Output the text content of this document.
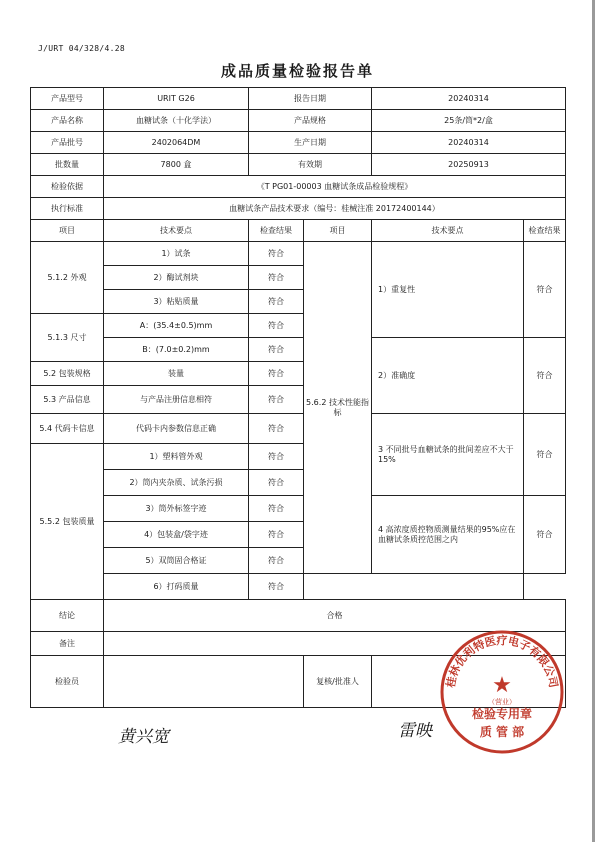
J/URT 04/328/4.28
成品质量检验报告单
产品型号	URIT G26	报告日期		20240314	
产品名称	血糖试条（十化学法）	产品规格		25条/筒*2/盒	
产品批号	2402064DM	生产日期		20240314	
批数量	7800 盒	有效期		20250913	
检验依据	《T PG01-00003 血糖试条成品检验规程》				
执行标准	血糖试条产品技术要求（编号：桂械注准 20172400144）				
项目	技术要点	检查结果	项目	技术要点	检查结果
5.1.2 外观	1）试条	符合	5.6.2 技术性能指标	1）重复性	符合
	2）酶试剂块	符合			
	3）粘贴质量	符合			
5.1.3 尺寸	A：(35.4±0.5)mm	符合			
	B：(7.0±0.2)mm	符合		2）准确度	符合
5.2 包装规格	装量	符合			
5.3 产品信息	与产品注册信息相符	符合			
5.4 代码卡信息	代码卡内参数信息正确	符合		3 不同批号血糖试条的批间差应不大于15%	符合
5.5.2 包装质量	1）塑料管外观	符合			
	2）筒内夹杂质、试条污损	符合			
	3）筒外标签字迹	符合		4 高浓度质控物质测量结果的95%应在血糖试条质控范围之内	符合
	4）包装盒/袋字迹	符合			
	5）双筒固合格证	符合			
	6）打码质量	符合			
结论	合格				
备注					
检验员			复核/批准人		
黄兴宽	雷映
桂林优利特医疗电子有限公司
★
（营业）
检验专用章
质 管 部
